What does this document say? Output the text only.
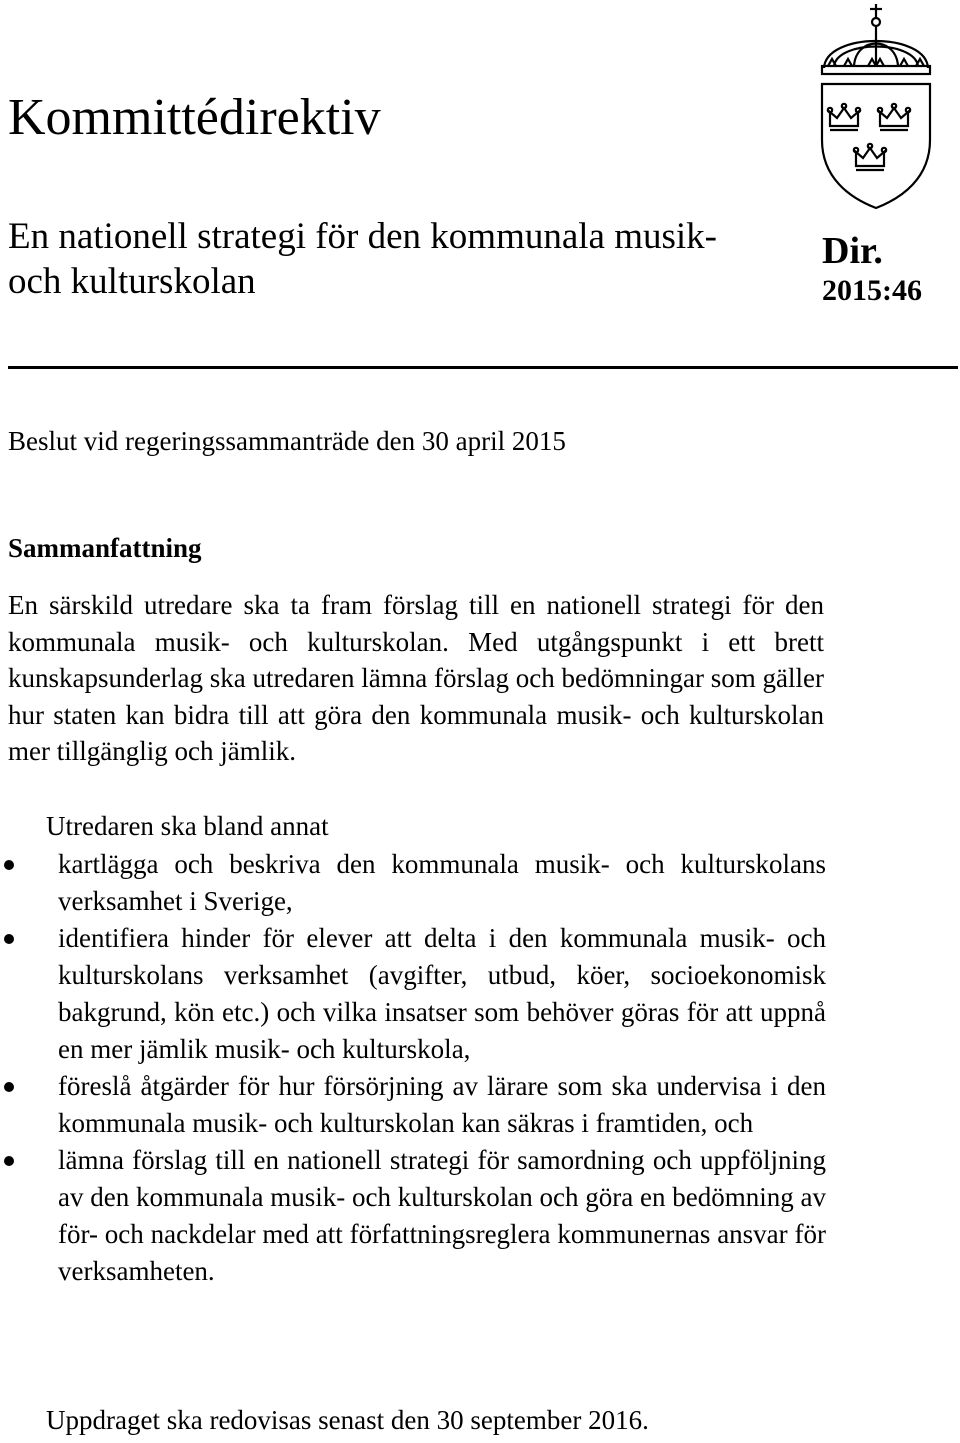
Kommittédirektiv

En nationell strategi för den kommunala musik- och kulturskolan

Dir.
2015:46

Beslut vid regeringssammanträde den 30 april 2015

Sammanfattning

En särskild utredare ska ta fram förslag till en nationell strategi för den kommunala musik- och kulturskolan. Med utgångspunkt i ett brett kunskapsunderlag ska utredaren lämna förslag och bedömningar som gäller hur staten kan bidra till att göra den kommunala musik- och kulturskolan mer tillgänglig och jämlik.

Utredaren ska bland annat

kartlägga och beskriva den kommunala musik- och kulturskolans verksamhet i Sverige,
identifiera hinder för elever att delta i den kommunala musik- och kulturskolans verksamhet (avgifter, utbud, köer, socioekonomisk bakgrund, kön etc.) och vilka insatser som behöver göras för att uppnå en mer jämlik musik- och kulturskola,
föreslå åtgärder för hur försörjning av lärare som ska undervisa i den kommunala musik- och kulturskolan kan säkras i framtiden, och
lämna förslag till en nationell strategi för samordning och uppföljning av den kommunala musik- och kulturskolan och göra en bedömning av för- och nackdelar med att författningsreglera kommunernas ansvar för verksamheten.

Uppdraget ska redovisas senast den 30 september 2016.
